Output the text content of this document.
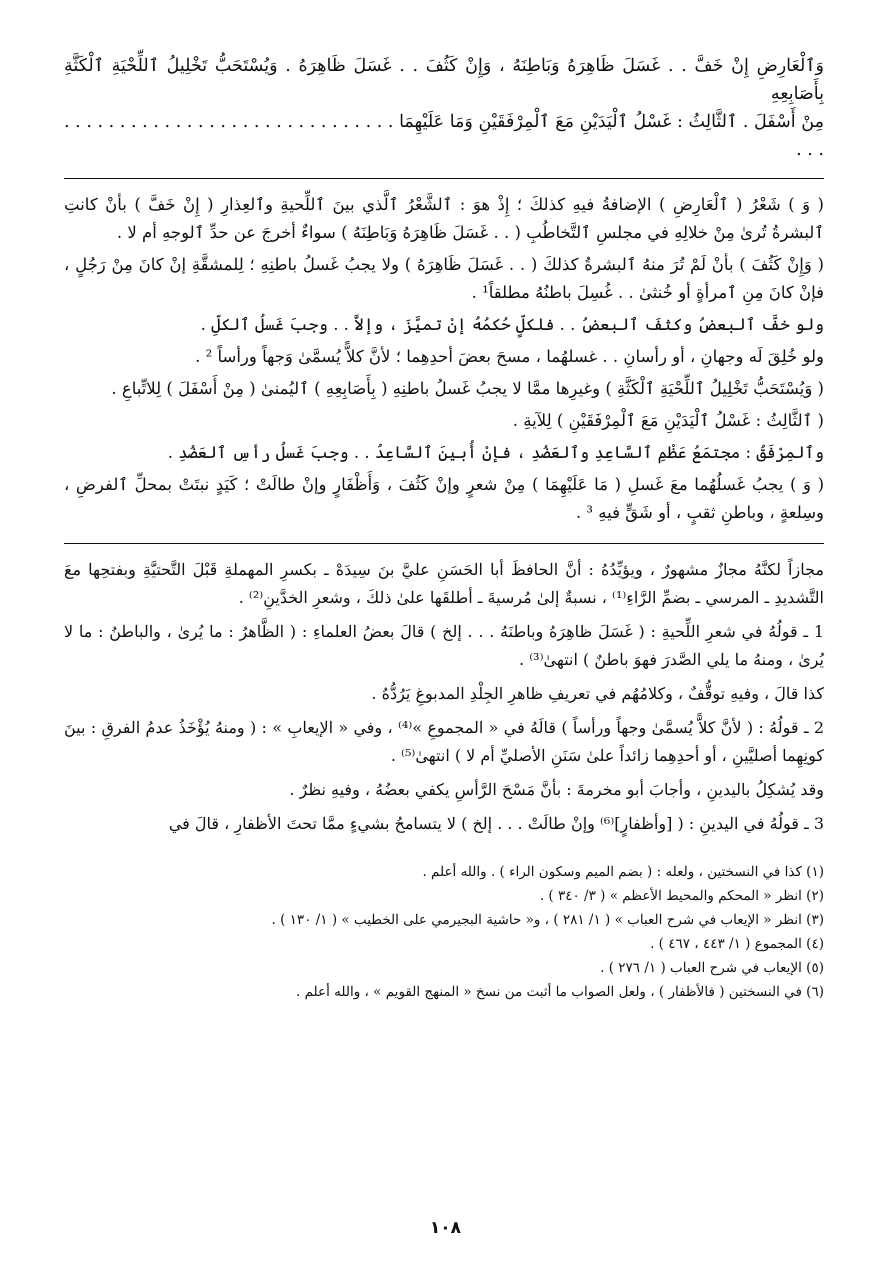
وَٱلْعَارِضِ إِنْ خَفَّ . . غَسَلَ ظَاهِرَهُ وَبَاطِنَهُ ، وَإِنْ كَثُفَ . . غَسَلَ ظَاهِرَهُ . وَيُسْتَحَبُّ تَخْلِيلُ ٱللِّحْيَةِ ٱلْكَثَّةِ بِأَصَابِعِهِ

مِنْ أَسْفَلَ . ٱلثَّالِثُ : غَسْلُ ٱلْيَدَيْنِ مَعَ ٱلْمِرْفَقَيْنِ وَمَا عَلَيْهِمَا . . . . . . . . . . . . . . . . . . . . . . . . . . . . . . . . .

( وَ ) شَعْرُ ( ٱلْعَارِضِ ) الإضافةُ فيهِ كذلكَ ؛ إِذْ هوَ : ٱلشَّعْرُ ٱلَّذي بينَ ٱللِّحيةِ وٱلعِذارِ ( إِنْ خَفَّ ) بأنْ كانتِ ٱلبشرةُ تُرىٰ مِنْ خلالِهِ في مجلسِ ٱلتَّخاطُبِ ( . . غَسَلَ ظَاهِرَهُ وَبَاطِنَهُ ) سواءٌ أخرجَ عن حدِّ ٱلوجهِ أم لا .

( وَإِنْ كَثُفَ ) بأنْ لَمْ تُرَ منهُ ٱلبشرةُ كذلكَ ( . . غَسَلَ ظَاهِرَهُ ) ولا يجبُ غَسلُ باطنِهِ ؛ لِلمشقَّةِ إنْ كانَ مِنْ رَجُلٍ ، فإنْ كانَ مِنِ ٱمرأةٍ أو خُنثىٰ . . غُسِلَ باطنُهُ مطلقاً¹ .

ولو خفَّ ٱلبعضُ وكثفَ ٱلبعضُ . . فلكلٍّ حُكمُهُ إنْ تميَّزَ ، وإلاَّ . . وجبَ غَسلُ ٱلكلِّ .

ولو خُلِقَ لَه وجهانِ ، أو رأسانِ . . غسلهُما ، مسحَ بعضَ أحدِهِما ؛ لأنَّ كلاًّ يُسمَّىٰ وَجهاً ورأساً ² .

( وَيُسْتَحَبُّ تَخْلِيلُ ٱللِّحْيَةِ ٱلْكَثَّةِ ) وغيرِها ممَّا لا يجبُ غَسلُ باطنِهِ ( بِأَصَابِعِهِ ) ٱليُمنىٰ ( مِنْ أَسْفَلَ ) لِلاتِّباعِ .

( ٱلثَّالِثُ : غَسْلُ ٱلْيَدَيْنِ مَعَ ٱلْمِرْفَقَيْنِ ) لِلآيةِ .

وٱلمِرْفَقُ : مجتمَعُ عَظْمِ ٱلسَّاعِدِ وٱلعَضُدِ ، فإنْ أُبينَ ٱلسَّاعِدُ . . وجبَ غَسلُ رأسِ ٱلعَضُدِ .

( وَ ) يجبُ غَسلُهُما معَ غَسلِ ( مَا عَلَيْهِمَا ) مِنْ شعرٍ وإنْ كَثُفَ ، وَأَظْفَارٍ وإنْ طالَتْ ؛ كَيَدٍ نبتَتْ بمحلِّ ٱلفرضِ ، وسِلعةٍ ، وباطنِ ثقبٍ ، أو شَقٍّ فيهِ ³ .

مجازاً لكنَّهُ مجازٌ مشهورٌ ، ويؤيِّدُهُ : أنَّ الحافظَ أبا الحَسَنِ عليَّ بنَ سِيدَهْ ـ بكسرِ المهملةِ قَبْلَ التَّحتيَّةِ وبفتحِها معَ التَّشديدِ ـ المرسي ـ بضمِّ الرَّاءِ⁽¹⁾ ، نسبةٌ إلىٰ مُرسيةَ ـ أطلقَها علىٰ ذلكَ ، وشعرِ الخدَّينِ⁽²⁾ .

1 ـ قولُهُ في شعرِ اللِّحيةِ : ( غَسَلَ ظاهِرَهُ وباطنَهُ . . . إلخ ) قالَ بعضُ العلماءِ : ( الظَّاهرُ : ما يُرىٰ ، والباطنُ : ما لا يُرىٰ ، ومنهُ ما يلي الصَّدرَ فهوَ باطنٌ ) انتهىٰ⁽³⁾ .

كذا قالَ ، وفيهِ توقُّفٌ ، وكلامُهُم في تعريفِ ظاهرِ الجِلْدِ المدبوغِ يَرُدُّهُ .

2 ـ قولُهُ : ( لأنَّ كلاًّ يُسمَّىٰ وجهاً ورأساً ) قالَهُ في « المجموعِ »⁽⁴⁾ ، وفي « الإيعابِ » : ( ومنهُ يُؤْخَذُ عدمُ الفرقِ : بينَ كونِهِما أصليَّينِ ، أو أحدِهِما زائداً علىٰ سَنَنِ الأصليِّ أم لا ) انتهىٰ⁽⁵⁾ .

وقد يُشكِلُ باليدينِ ، وأجابَ أبو مخرمةَ : بأنَّ مَسْحَ الرَّأسِ يكفي بعضُهُ ، وفيهِ نظرٌ .

3 ـ قولُهُ في اليدينِ : ( [وأظفارٍ]⁽⁶⁾ وإنْ طالَتْ . . . إلخ ) لا يتسامحُ بشيءٍ ممَّا تحتَ الأظفارِ ، قالَ في

(١) كذا في النسختين ، ولعله : ( بضم الميم وسكون الراء ) . والله أعلم .

(٢) انظر « المحكم والمحيط الأعظم » ( ٣/ ٣٤٠ ) .

(٣) انظر « الإيعاب في شرح العباب » ( ١/ ٢٨١ ) ، و« حاشية البجيرمي على الخطيب » ( ١/ ١٣٠ ) .

(٤) المجموع ( ١/ ٤٤٣ ، ٤٦٧ ) .

(٥) الإيعاب في شرح العباب ( ١/ ٢٧٦ ) .

(٦) في النسختين ( فالأظفار ) ، ولعل الصواب ما أثبت من نسخ « المنهج القويم » ، والله أعلم .

١٠٨
